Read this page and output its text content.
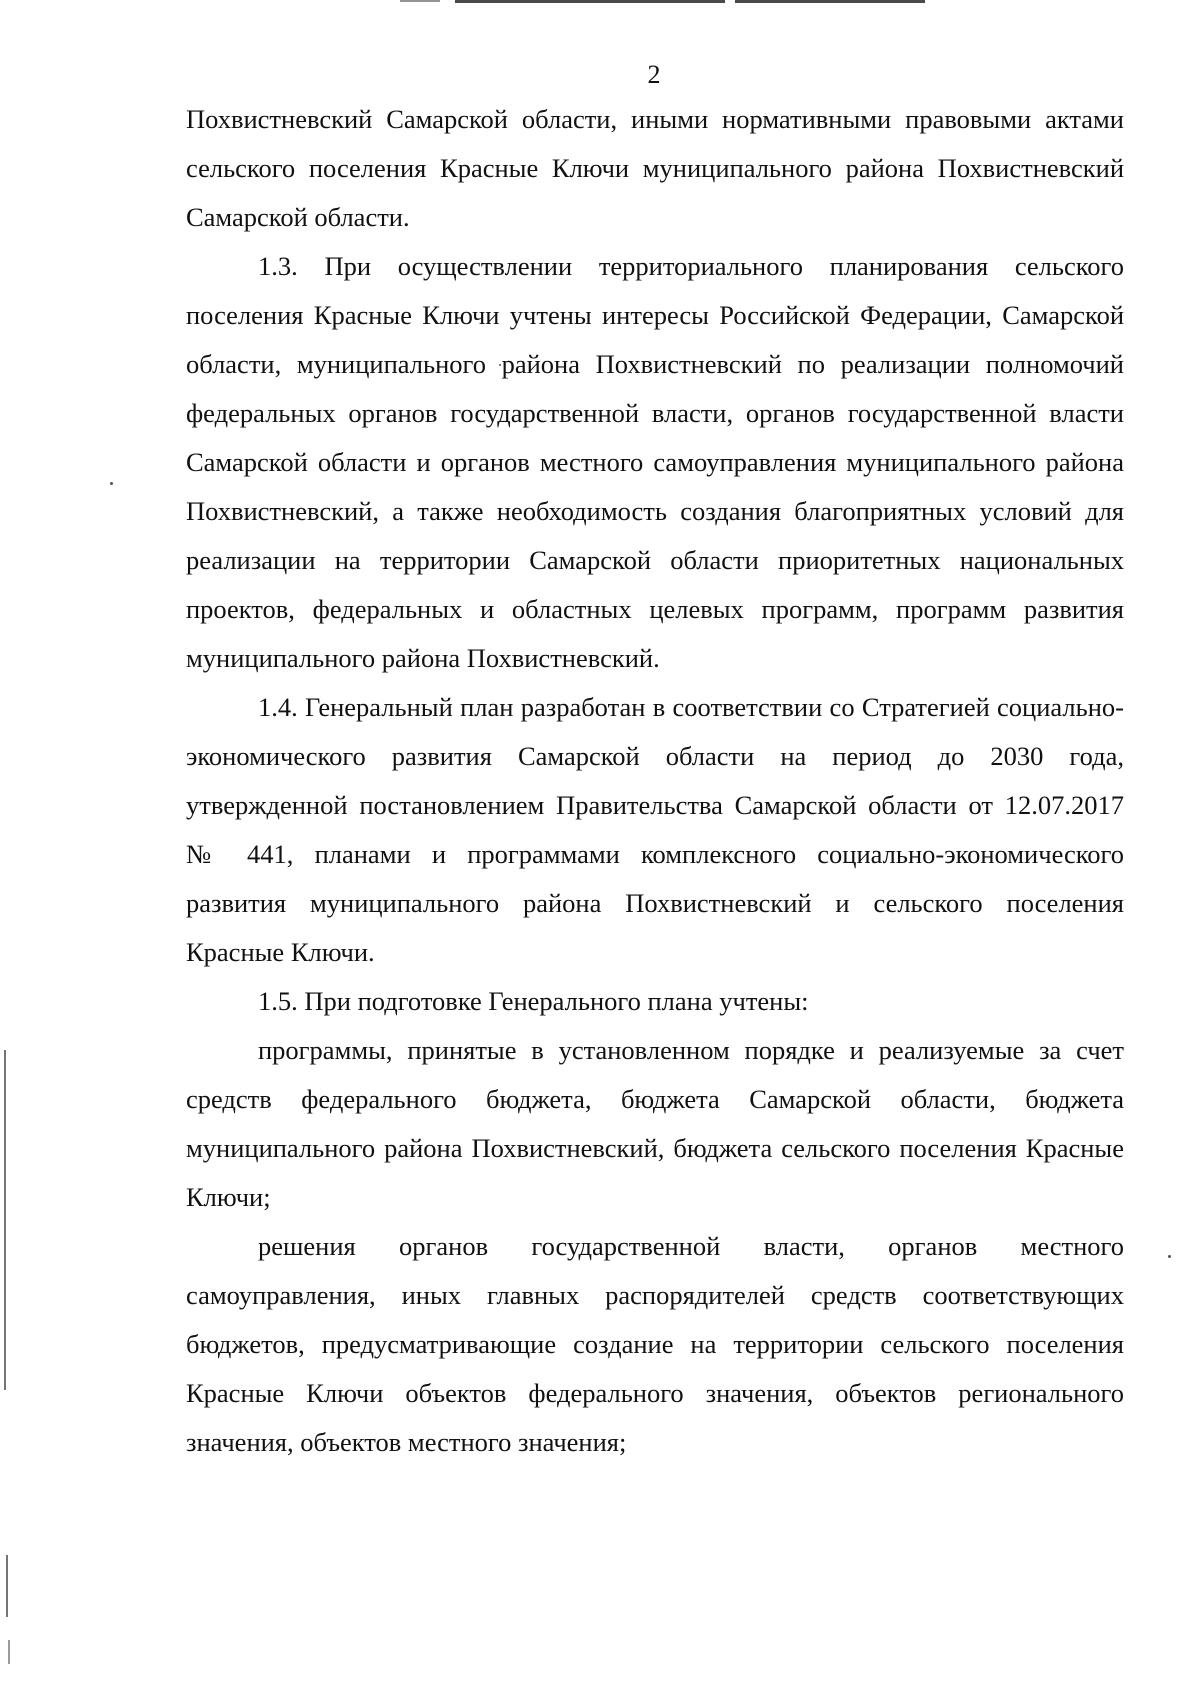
2

Похвистневский Самарской области, иными нормативными правовыми актами сельского поселения Красные Ключи муниципального района Похвистневский Самарской области.

1.3. При осуществлении территориального планирования сельского поселения Красные Ключи учтены интересы Российской Федерации, Самарской области, муниципального района Похвистневский по реализации полномочий федеральных органов государственной власти, органов государственной власти Самарской области и органов местного самоуправления муниципального района Похвистневский, а также необходимость создания благоприятных условий для реализации на территории Самарской области приоритетных национальных проектов, федеральных и областных целевых программ, программ развития муниципального района Похвистневский.

1.4. Генеральный план разработан в соответствии со Стратегией социально-экономического развития Самарской области на период до 2030 года, утвержденной постановлением Правительства Самарской области от 12.07.2017 № 441, планами и программами комплексного социально-экономического развития муниципального района Похвистневский и сельского поселения Красные Ключи.

1.5. При подготовке Генерального плана учтены:

программы, принятые в установленном порядке и реализуемые за счет средств федерального бюджета, бюджета Самарской области, бюджета муниципального района Похвистневский, бюджета сельского поселения Красные Ключи;

решения органов государственной власти, органов местного самоуправления, иных главных распорядителей средств соответствующих бюджетов, предусматривающие создание на территории сельского поселения Красные Ключи объектов федерального значения, объектов регионального значения, объектов местного значения;
